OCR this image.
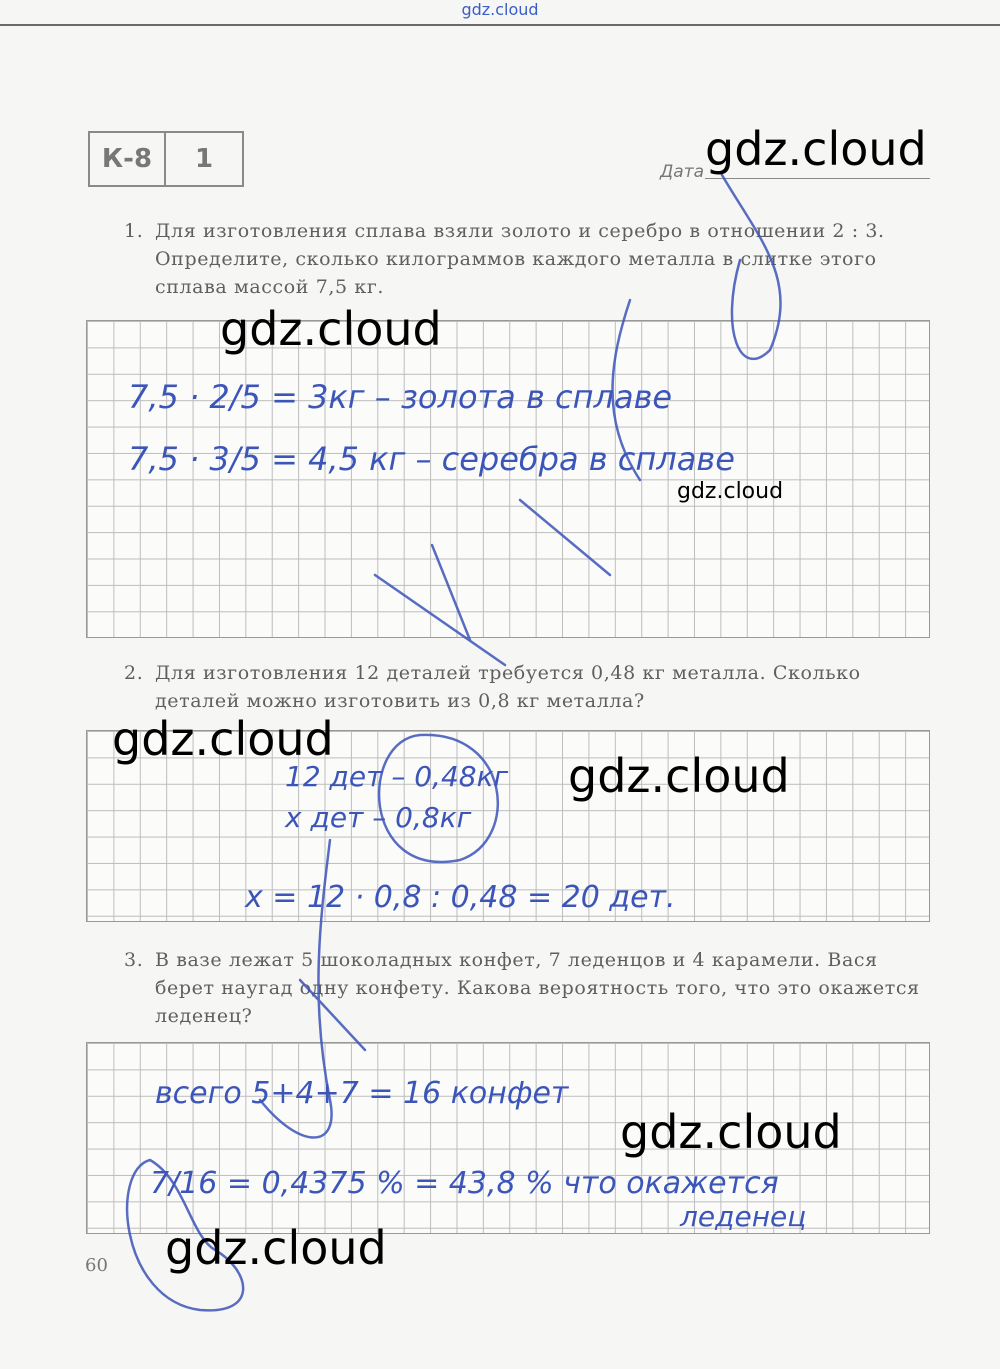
gdz.cloud
К-8	1	Дата
1. Для изготовления сплава взяли золото и серебро в отношении 2 : 3.
Определите, сколько килограммов каждого металла в слитке этого
сплава массой 7,5 кг.
7,5 · 2/5 = 3кг – золота в сплаве
7,5 · 3/5 = 4,5 кг – серебра в сплаве
2. Для изготовления 12 деталей требуется 0,48 кг металла. Сколько
деталей можно изготовить из 0,8 кг металла?
12 дет – 0,48кг
x дет – 0,8кг
x = 12 · 0,8 : 0,48 = 20 дет.
3. В вазе лежат 5 шоколадных конфет, 7 леденцов и 4 карамели. Вася
берет наугад одну конфету. Какова вероятность того, что это окажется
леденец?
всего 5+4+7 = 16 конфет
7/16 = 0,4375 % = 43,8 % что окажется
леденец
60
gdz.cloud
gdz.cloud
gdz.cloud
gdz.cloud
gdz.cloud
gdz.cloud
gdz.cloud
